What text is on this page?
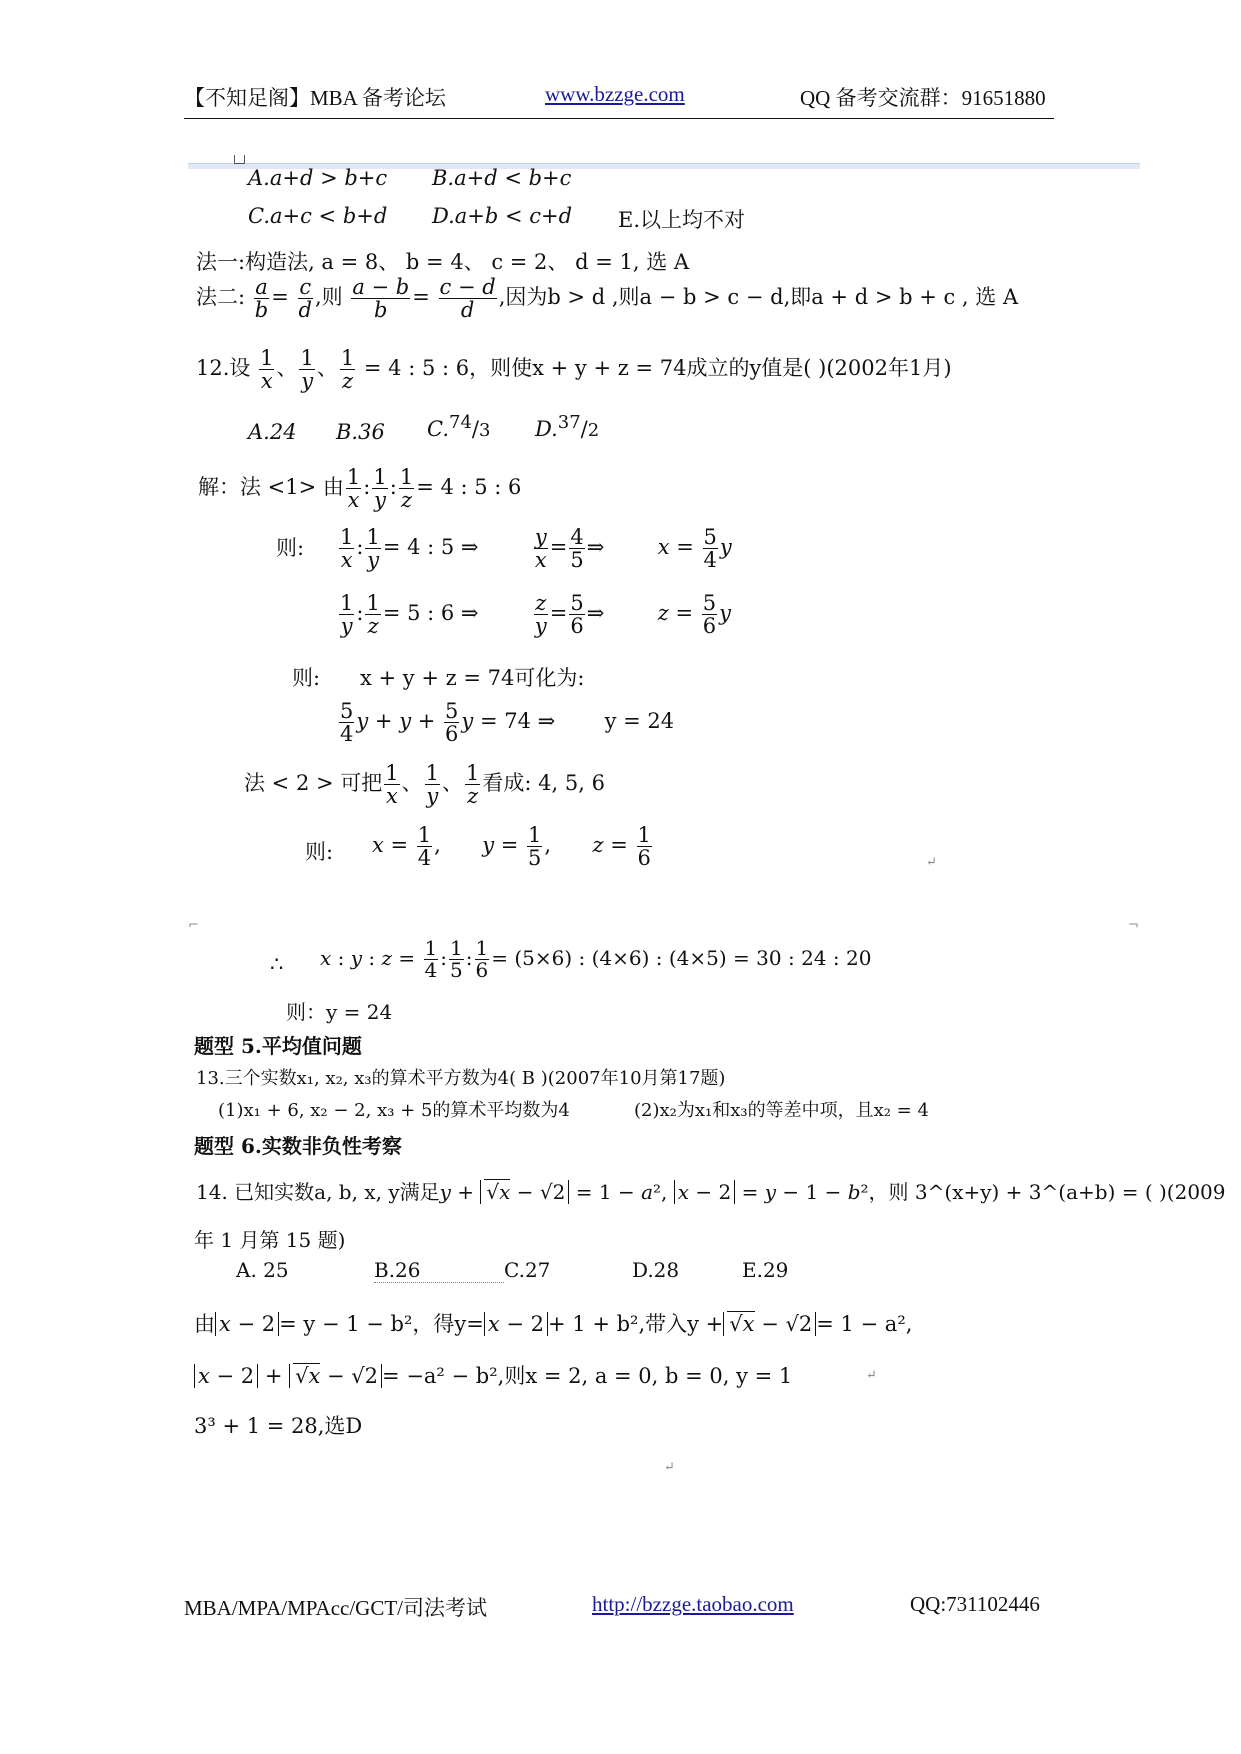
【不知足阁】MBA 备考论坛	www.bzzge.com	QQ 备考交流群：91651880
A.a+d > b+c B.a+d < b+c
C.a+c < b+d D.a+b < c+d E.以上均不对
法一:构造法, a = 8、 b = 4、 c = 2、 d = 1, 选 A
法二: $\frac{a}{b} = \frac{c}{d}$ ,则 $\frac{a - b}{b} = \frac{c - d}{d}$ ,因为b > d ,则a − b > c − d,即a + d > b + c , 选 A
12.设 $\frac{1}{x}$ 、 $\frac{1}{y}$ 、 $\frac{1}{z} = 4$ : 5 : 6，则使x + y + z = 74成立的y值是( )(2002年1月)
A.24 B.36 C.74/3 D.37/2
解：法 <1> 由 $\frac{1}{x}$ : $\frac{1}{y}$ : $\frac{1}{z} = 4$ : 5 : 6
则: $\frac{1}{x}$ : $\frac{1}{y} = 4$ : 5 ⇒ $\frac{y}{x} = \frac{4}{5}$ ⇒  $x = \frac{5}{4}$ y
$\frac{1}{y}$ : $\frac{1}{z} = 5$ : 6 ⇒ $\frac{z}{y} = \frac{5}{6}$ ⇒  $z = \frac{5}{6}$ y
则: x + y + z = 74可化为:
$\frac{5}{4}$ $y + y + \frac{5}{6}$ y = 74 ⇒  y = 24
法 < 2 > 可把 $\frac{1}{x}$ 、 $\frac{1}{y}$ 、 $\frac{1}{z}$ 看成: 4, 5, 6
则: $x = \frac{1}{4}$ ,  $y = \frac{1}{5}$ ,  $z = \frac{1}{6}$	↵
⌐	¬
∴ x : y : $z = \frac{1}{4}$ : $\frac{1}{5}$ : $\frac{1}{6} = (5\times 6)$ : (4×6) : (4×5) = 30 : 24 : 20
则：y = 24
题型 5.平均值问题
13.三个实数x₁, x₂, x₃的算术平方数为4( B )(2007年10月第17题)
(1)x₁ + 6, x₂ − 2, x₃ + 5的算术平均数为4	(2)x₂为x₁和x₃的等差中项，且x₂ = 4
题型 6.实数非负性考察
14. 已知实数a, b, x, y满足y + √x − √2 = 1 − a², x − 2 = y − 1 − b²，则 3^(x+y) + 3^(a+b) = ( )(2009
年 1 月第 15 题)
A. 25	B.26	C.27	D.28	E.29
由 x − 2 = y − 1 − b²，得y= x − 2 + 1 + b²,带入y + √x − √2 = 1 − a²,
x − 2 + √x − √2 = −a² − b²,则x = 2, a = 0, b = 0, y = 1	↵
3³ + 1 = 28,选D
↵
MBA/MPA/MPAcc/GCT/司法考试	http://bzzge.taobao.com	QQ:731102446
